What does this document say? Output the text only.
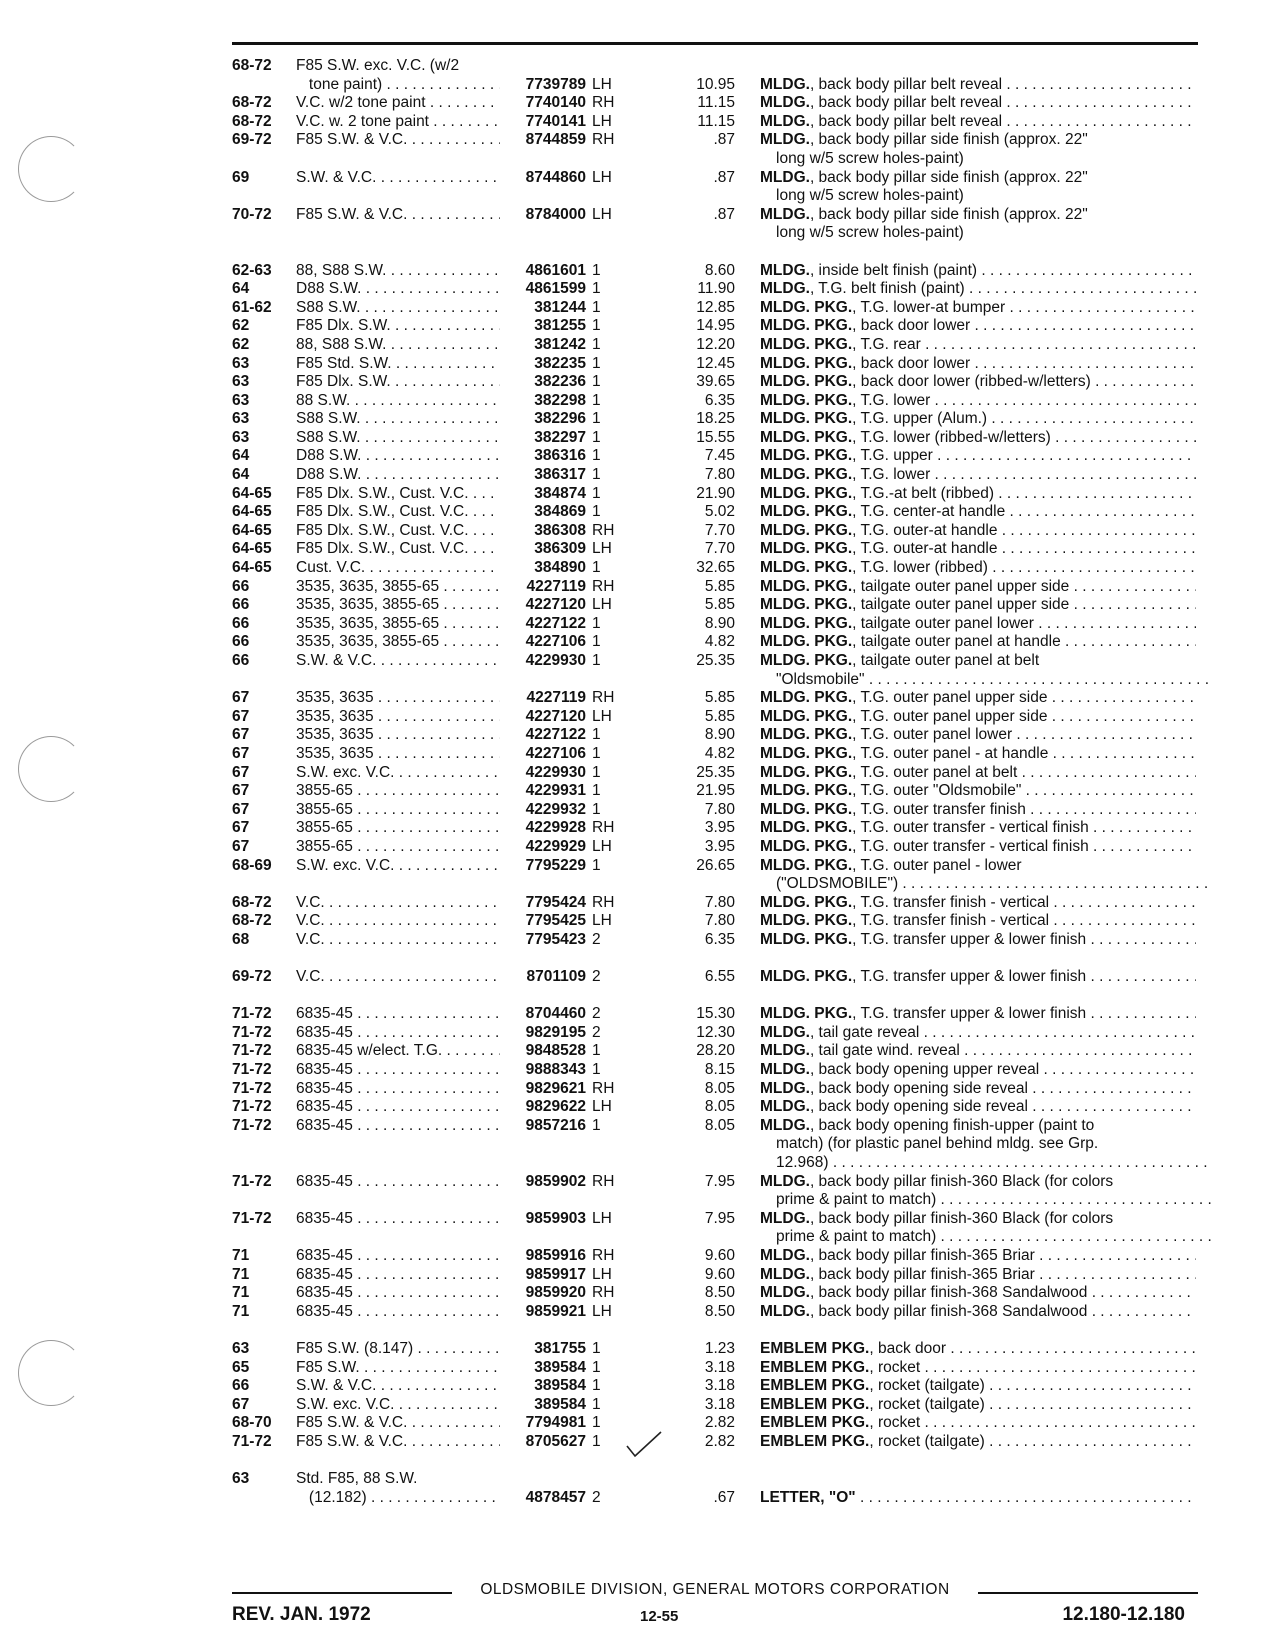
68-72	F85 S.W. exc. V.C. (w/2
tone paint) . . .	7739789 LH	10.95 MLDG., back body pillar belt reveal . . .
68-72	V.C. w/2 tone paint . . .	7740140 RH	11.15 MLDG., back body pillar belt reveal . . .
68-72	V.C. w. 2 tone paint . . .	7740141 LH	11.15 MLDG., back body pillar belt reveal . . .
69-72	F85 S.W. & V.C. . . .	8744859 RH	.87 MLDG., back body pillar side finish (approx. 22"
long w/5 screw holes-paint)
69	S.W. & V.C. . . .	8744860 LH	.87 MLDG., back body pillar side finish (approx. 22"
long w/5 screw holes-paint)
70-72	F85 S.W. & V.C. . . .	8784000 LH	.87 MLDG., back body pillar side finish (approx. 22"
long w/5 screw holes-paint)
62-63	88, S88 S.W. . . .	4861601 1	8.60 MLDG., inside belt finish (paint) . . .
64	D88 S.W. . . .	4861599 1	11.90 MLDG., T.G. belt finish (paint) . . .
61-62	S88 S.W. . . .	381244 1	12.85 MLDG. PKG., T.G. lower-at bumper . . .
62	F85 Dlx. S.W. . . .	381255 1	14.95 MLDG. PKG., back door lower . . .
62	88, S88 S.W. . . .	381242 1	12.20 MLDG. PKG., T.G. rear . . .
63	F85 Std. S.W. . . .	382235 1	12.45 MLDG. PKG., back door lower . . .
63	F85 Dlx. S.W. . . .	382236 1	39.65 MLDG. PKG., back door lower (ribbed-w/letters) . . .
63	88 S.W. . . .	382298 1	6.35 MLDG. PKG., T.G. lower . . .
63	S88 S.W. . . .	382296 1	18.25 MLDG. PKG., T.G. upper (Alum.) . . .
63	S88 S.W. . . .	382297 1	15.55 MLDG. PKG., T.G. lower (ribbed-w/letters) . . .
64	D88 S.W. . . .	386316 1	7.45 MLDG. PKG., T.G. upper . . .
64	D88 S.W. . . .	386317 1	7.80 MLDG. PKG., T.G. lower . . .
64-65	F85 Dlx. S.W., Cust. V.C. . . .	384874 1	21.90 MLDG. PKG., T.G.-at belt (ribbed) . . .
64-65	F85 Dlx. S.W., Cust. V.C. . . .	384869 1	5.02 MLDG. PKG., T.G. center-at handle . . .
64-65	F85 Dlx. S.W., Cust. V.C. . . .	386308 RH	7.70 MLDG. PKG., T.G. outer-at handle . . .
64-65	F85 Dlx. S.W., Cust. V.C. . . .	386309 LH	7.70 MLDG. PKG., T.G. outer-at handle . . .
64-65	Cust. V.C. . . .	384890 1	32.65 MLDG. PKG., T.G. lower (ribbed) . . .
66	3535, 3635, 3855-65 . . .	4227119 RH	5.85 MLDG. PKG., tailgate outer panel upper side . . .
66	3535, 3635, 3855-65 . . .	4227120 LH	5.85 MLDG. PKG., tailgate outer panel upper side . . .
66	3535, 3635, 3855-65 . . .	4227122 1	8.90 MLDG. PKG., tailgate outer panel lower . . .
66	3535, 3635, 3855-65 . . .	4227106 1	4.82 MLDG. PKG., tailgate outer panel at handle . . .
66	S.W. & V.C. . . .	4229930 1	25.35 MLDG. PKG., tailgate outer panel at belt
"Oldsmobile" . . .
67	3535, 3635 . . .	4227119 RH	5.85 MLDG. PKG., T.G. outer panel upper side . . .
67	3535, 3635 . . .	4227120 LH	5.85 MLDG. PKG., T.G. outer panel upper side . . .
67	3535, 3635 . . .	4227122 1	8.90 MLDG. PKG., T.G. outer panel lower . . .
67	3535, 3635 . . .	4227106 1	4.82 MLDG. PKG., T.G. outer panel - at handle . . .
67	S.W. exc. V.C. . . .	4229930 1	25.35 MLDG. PKG., T.G. outer panel at belt . . .
67	3855-65 . . .	4229931 1	21.95 MLDG. PKG., T.G. outer "Oldsmobile" . . .
67	3855-65 . . .	4229932 1	7.80 MLDG. PKG., T.G. outer transfer finish . . .
67	3855-65 . . .	4229928 RH	3.95 MLDG. PKG., T.G. outer transfer - vertical finish . . .
67	3855-65 . . .	4229929 LH	3.95 MLDG. PKG., T.G. outer transfer - vertical finish . . .
68-69	S.W. exc. V.C. . . .	7795229 1	26.65 MLDG. PKG., T.G. outer panel - lower
("OLDSMOBILE") . . .
68-72	V.C. . . .	7795424 RH	7.80 MLDG. PKG., T.G. transfer finish - vertical . . .
68-72	V.C. . . .	7795425 LH	7.80 MLDG. PKG., T.G. transfer finish - vertical . . .
68	V.C. . . .	7795423 2	6.35 MLDG. PKG., T.G. transfer upper & lower finish . . .
69-72	V.C. . . .	8701109 2	6.55 MLDG. PKG., T.G. transfer upper & lower finish . . .
71-72	6835-45 . . .	8704460 2	15.30 MLDG. PKG., T.G. transfer upper & lower finish . . .
71-72	6835-45 . . .	9829195 2	12.30 MLDG., tail gate reveal . . .
71-72	6835-45 w/elect. T.G. . . .	9848528 1	28.20 MLDG., tail gate wind. reveal . . .
71-72	6835-45 . . .	9888343 1	8.15 MLDG., back body opening upper reveal . . .
71-72	6835-45 . . .	9829621 RH	8.05 MLDG., back body opening side reveal . . .
71-72	6835-45 . . .	9829622 LH	8.05 MLDG., back body opening side reveal . . .
71-72	6835-45 . . .	9857216 1	8.05 MLDG., back body opening finish-upper (paint to
match) (for plastic panel behind mldg. see Grp.
12.968) . . .
71-72	6835-45 . . .	9859902 RH	7.95 MLDG., back body pillar finish-360 Black (for colors
prime & paint to match) . . .
71-72	6835-45 . . .	9859903 LH	7.95 MLDG., back body pillar finish-360 Black (for colors
prime & paint to match) . . .
71	6835-45 . . .	9859916 RH	9.60 MLDG., back body pillar finish-365 Briar . . .
71	6835-45 . . .	9859917 LH	9.60 MLDG., back body pillar finish-365 Briar . . .
71	6835-45 . . .	9859920 RH	8.50 MLDG., back body pillar finish-368 Sandalwood . . .
71	6835-45 . . .	9859921 LH	8.50 MLDG., back body pillar finish-368 Sandalwood . . .
63	F85 S.W. (8.147) . . .	381755 1	1.23 EMBLEM PKG., back door . . .
65	F85 S.W. . . .	389584 1	3.18 EMBLEM PKG., rocket . . .
66	S.W. & V.C. . . .	389584 1	3.18 EMBLEM PKG., rocket (tailgate) . . .
67	S.W. exc. V.C. . . .	389584 1	3.18 EMBLEM PKG., rocket (tailgate) . . .
68-70	F85 S.W. & V.C. . . .	7794981 1	2.82 EMBLEM PKG., rocket . . .
71-72	F85 S.W. & V.C. . . .	8705627 1	2.82 EMBLEM PKG., rocket (tailgate) . . .
63	Std. F85, 88 S.W.
(12.182) . . .	4878457 2	.67 LETTER, "O" . . .
OLDSMOBILE DIVISION, GENERAL MOTORS CORPORATION
REV. JAN. 1972	12-55	12.180-12.180
